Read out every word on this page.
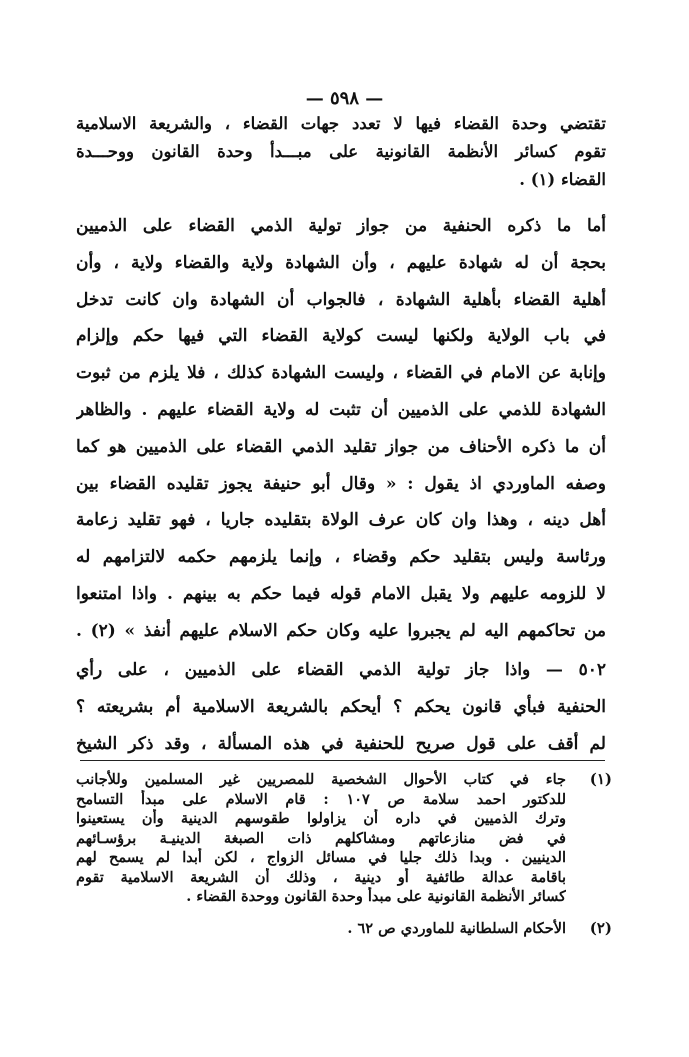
— ٥٩٨ —
تقتضي وحدة القضاء فيها لا تعدد جهات القضاء ، والشريعة الاسلامية
تقوم كسائر الأنظمة القانونية على مبـــدأ وحدة القانون ووحـــدة
القضاء (١) .
أما ما ذكره الحنفية من جواز تولية الذمي القضاء على الذميين
بحجة أن له شهادة عليهم ، وأن الشهادة ولاية والقضاء ولاية ، وأن
أهلية القضاء بأهلية الشهادة ، فالجواب أن الشهادة وان كانت تدخل
في باب الولاية ولكنها ليست كولاية القضاء التي فيها حكم وإلزام
وإنابة عن الامام في القضاء ، وليست الشهادة كذلك ، فلا يلزم من ثبوت
الشهادة للذمي على الذميين أن تثبت له ولاية القضاء عليهم . والظاهر
أن ما ذكره الأحناف من جواز تقليد الذمي القضاء على الذميين هو كما
وصفه الماوردي اذ يقول : « وقال أبو حنيفة يجوز تقليده القضاء بين
أهل دينه ، وهذا وان كان عرف الولاة بتقليده جاريا ، فهو تقليد زعامة
ورئاسة وليس بتقليد حكم وقضاء ، وإنما يلزمهم حكمه لالتزامهم له
لا للزومه عليهم ولا يقبل الامام قوله فيما حكم به بينهم . واذا امتنعوا
من تحاكمهم اليه لم يجبروا عليه وكان حكم الاسلام عليهم أنفذ » (٢) .
٥٠٢ — واذا جاز تولية الذمي القضاء على الذميين ، على رأي
الحنفية فبأي قانون يحكم ؟ أيحكم بالشريعة الاسلامية أم بشريعته ؟
لم أقف على قول صريح للحنفية في هذه المسألة ، وقد ذكر الشيخ
(١)
جاء في كتاب الأحوال الشخصية للمصريين غير المسلمين وللأجانب
للدكتور احمد سلامة ص ١٠٧ : قام الاسلام على مبدأ التسامح
وترك الذميين في داره أن يزاولوا طقوسهم الدينية وأن يستعينوا
في فض منازعاتهم ومشاكلهم ذات الصبغة الدينيـة برؤسـائهم
الدينيين . وبدا ذلك جليا في مسائل الزواج ، لكن أبدا لم يسمح لهم
باقامة عدالة طائفية أو دينية ، وذلك أن الشريعة الاسلامية تقوم
كسائر الأنظمة القانونية على مبدأ وحدة القانون ووحدة القضاء .
(٢)
الأحكام السلطانية للماوردي ص ٦٢ .
